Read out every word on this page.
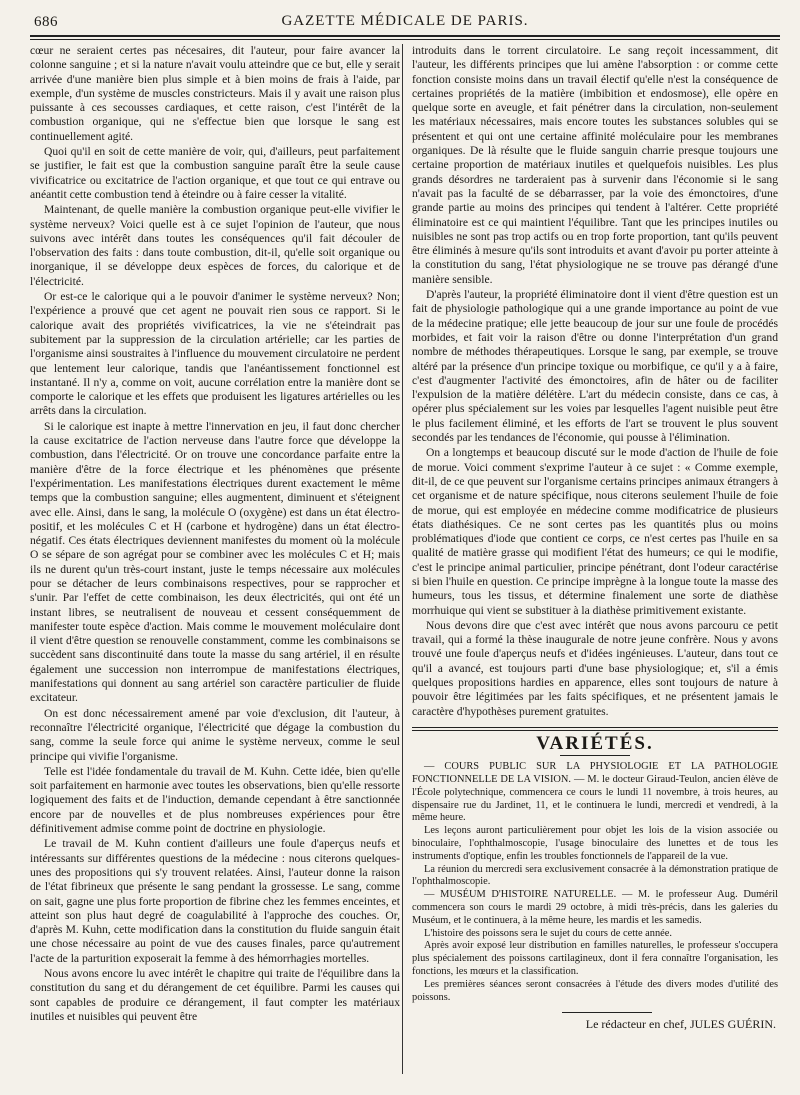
686	GAZETTE MÉDICALE DE PARIS.

cœur ne seraient certes pas nécesaires, dit l'auteur, pour faire avancer la colonne sanguine ; et si la nature n'avait voulu atteindre que ce but, elle y serait arrivée d'une manière bien plus simple et à bien moins de frais à l'aide, par exemple, d'un système de muscles constricteurs. Mais il y avait une raison plus puissante à ces secousses cardiaques, et cette raison, c'est l'intérêt de la combustion organique, qui ne s'effectue bien que lorsque le sang est continuellement agité.

Quoi qu'il en soit de cette manière de voir, qui, d'ailleurs, peut parfaitement se justifier, le fait est que la combustion sanguine paraît être la seule cause vivificatrice ou excitatrice de l'action organique, et que tout ce qui entrave ou anéantit cette combustion tend à éteindre ou à faire cesser la vitalité.

Maintenant, de quelle manière la combustion organique peut-elle vivifier le système nerveux? Voici quelle est à ce sujet l'opinion de l'auteur, que nous suivons avec intérêt dans toutes les conséquences qu'il fait découler de l'observation des faits : dans toute combustion, dit-il, qu'elle soit organique ou inorganique, il se développe deux espèces de forces, du calorique et de l'électricité.

Or est-ce le calorique qui a le pouvoir d'animer le système nerveux? Non; l'expérience a prouvé que cet agent ne pouvait rien sous ce rapport. Si le calorique avait des propriétés vivificatrices, la vie ne s'éteindrait pas subitement par la suppression de la circulation artérielle; car les parties de l'organisme ainsi soustraites à l'influence du mouvement circulatoire ne perdent que lentement leur calorique, tandis que l'anéantissement fonctionnel est instantané. Il n'y a, comme on voit, aucune corrélation entre la manière dont se comporte le calorique et les effets que produisent les ligatures artérielles ou les arrêts dans la circulation.

Si le calorique est inapte à mettre l'innervation en jeu, il faut donc chercher la cause excitatrice de l'action nerveuse dans l'autre force que développe la combustion, dans l'électricité. Or on trouve une concordance parfaite entre la manière d'être de la force électrique et les phénomènes que présente l'expérimentation. Les manifestations électriques durent exactement le même temps que la combustion sanguine; elles augmentent, diminuent et s'éteignent avec elle. Ainsi, dans le sang, la molécule O (oxygène) est dans un état électro-positif, et les molécules C et H (carbone et hydrogène) dans un état électro-négatif. Ces états électriques deviennent manifestes du moment où la molécule O se sépare de son agrégat pour se combiner avec les molécules C et H; mais ils ne durent qu'un très-court instant, juste le temps nécessaire aux molécules pour se détacher de leurs combinaisons respectives, pour se rapprocher et s'unir. Par l'effet de cette combinaison, les deux électricités, qui ont été un instant libres, se neutralisent de nouveau et cessent conséquemment de manifester toute espèce d'action. Mais comme le mouvement moléculaire dont il vient d'être question se renouvelle constamment, comme les combinaisons se succèdent sans discontinuité dans toute la masse du sang artériel, il en résulte également une succession non interrompue de manifestations électriques, manifestations qui donnent au sang artériel son caractère particulier de fluide excitateur.

On est donc nécessairement amené par voie d'exclusion, dit l'auteur, à reconnaître l'électricité organique, l'électricité que dégage la combustion du sang, comme la seule force qui anime le système nerveux, comme le seul principe qui vivifie l'organisme.

Telle est l'idée fondamentale du travail de M. Kuhn. Cette idée, bien qu'elle soit parfaitement en harmonie avec toutes les observations, bien qu'elle ressorte logiquement des faits et de l'induction, demande cependant à être sanctionnée encore par de nouvelles et de plus nombreuses expériences pour être définitivement admise comme point de doctrine en physiologie.

Le travail de M. Kuhn contient d'ailleurs une foule d'aperçus neufs et intéressants sur différentes questions de la médecine : nous citerons quelques-unes des propositions qui s'y trouvent relatées. Ainsi, l'auteur donne la raison de l'état fibrineux que présente le sang pendant la grossesse. Le sang, comme on sait, gagne une plus forte proportion de fibrine chez les femmes enceintes, et atteint son plus haut degré de coagulabilité à l'approche des couches. Or, d'après M. Kuhn, cette modification dans la constitution du fluide sanguin était une chose nécessaire au point de vue des causes finales, parce qu'autrement l'acte de la parturition exposerait la femme à des hémorrhagies mortelles.

Nous avons encore lu avec intérêt le chapitre qui traite de l'équilibre dans la constitution du sang et du dérangement de cet équilibre. Parmi les causes qui sont capables de produire ce dérangement, il faut compter les matériaux inutiles et nuisibles qui peuvent être

introduits dans le torrent circulatoire. Le sang reçoit incessamment, dit l'auteur, les différents principes que lui amène l'absorption : or comme cette fonction consiste moins dans un travail électif qu'elle n'est la conséquence de certaines propriétés de la matière (imbibition et endosmose), elle opère en quelque sorte en aveugle, et fait pénétrer dans la circulation, non-seulement les matériaux nécessaires, mais encore toutes les substances solubles qui se présentent et qui ont une certaine affinité moléculaire pour les membranes organiques. De là résulte que le fluide sanguin charrie presque toujours une certaine proportion de matériaux inutiles et quelquefois nuisibles. Les plus grands désordres ne tarderaient pas à survenir dans l'économie si le sang n'avait pas la faculté de se débarrasser, par la voie des émonctoires, d'une grande partie au moins des principes qui tendent à l'altérer. Cette propriété éliminatoire est ce qui maintient l'équilibre. Tant que les principes inutiles ou nuisibles ne sont pas trop actifs ou en trop forte proportion, tant qu'ils peuvent être éliminés à mesure qu'ils sont introduits et avant d'avoir pu porter atteinte à la constitution du sang, l'état physiologique ne se trouve pas dérangé d'une manière sensible.

D'après l'auteur, la propriété éliminatoire dont il vient d'être question est un fait de physiologie pathologique qui a une grande importance au point de vue de la médecine pratique; elle jette beaucoup de jour sur une foule de procédés morbides, et fait voir la raison d'être ou donne l'interprétation d'un grand nombre de méthodes thérapeutiques. Lorsque le sang, par exemple, se trouve altéré par la présence d'un principe toxique ou morbifique, ce qu'il y a à faire, c'est d'augmenter l'activité des émonctoires, afin de hâter ou de faciliter l'expulsion de la matière délétère. L'art du médecin consiste, dans ce cas, à opérer plus spécialement sur les voies par lesquelles l'agent nuisible peut être le plus facilement éliminé, et les efforts de l'art se trouvent le plus souvent secondés par les tendances de l'économie, qui pousse à l'élimination.

On a longtemps et beaucoup discuté sur le mode d'action de l'huile de foie de morue. Voici comment s'exprime l'auteur à ce sujet : « Comme exemple, dit-il, de ce que peuvent sur l'organisme certains principes animaux étrangers à cet organisme et de nature spécifique, nous citerons seulement l'huile de foie de morue, qui est employée en médecine comme modificatrice de plusieurs états diathésiques. Ce ne sont certes pas les quantités plus ou moins problématiques d'iode que contient ce corps, ce n'est certes pas l'huile en sa qualité de matière grasse qui modifient l'état des humeurs; ce qui le modifie, c'est le principe animal particulier, principe pénétrant, dont l'odeur caractérise si bien l'huile en question. Ce principe imprègne à la longue toute la masse des humeurs, tous les tissus, et détermine finalement une sorte de diathèse morrhuique qui vient se substituer à la diathèse primitivement existante.

Nous devons dire que c'est avec intérêt que nous avons parcouru ce petit travail, qui a formé la thèse inaugurale de notre jeune confrère. Nous y avons trouvé une foule d'aperçus neufs et d'idées ingénieuses. L'auteur, dans tout ce qu'il a avancé, est toujours parti d'une base physiologique; et, s'il a émis quelques propositions hardies en apparence, elles sont toujours de nature à pouvoir être légitimées par les faits spécifiques, et ne présentent jamais le caractère d'hypothèses purement gratuites.

VARIÉTÉS.

— COURS PUBLIC SUR LA PHYSIOLOGIE ET LA PATHOLOGIE FONCTIONNELLE DE LA VISION. — M. le docteur Giraud-Teulon, ancien élève de l'École polytechnique, commencera ce cours le lundi 11 novembre, à trois heures, au dispensaire rue du Jardinet, 11, et le continuera le lundi, mercredi et vendredi, à la même heure.

Les leçons auront particulièrement pour objet les lois de la vision associée ou binoculaire, l'ophthalmoscopie, l'usage binoculaire des lunettes et de tous les instruments d'optique, enfin les troubles fonctionnels de l'appareil de la vue.

La réunion du mercredi sera exclusivement consacrée à la démonstration pratique de l'ophthalmoscopie.

— MUSÉUM D'HISTOIRE NATURELLE. — M. le professeur Aug. Duméril commencera son cours le mardi 29 octobre, à midi très-précis, dans les galeries du Muséum, et le continuera, à la même heure, les mardis et les samedis.

L'histoire des poissons sera le sujet du cours de cette année.

Après avoir exposé leur distribution en familles naturelles, le professeur s'occupera plus spécialement des poissons cartilagineux, dont il fera connaître l'organisation, les fonctions, les mœurs et la classification.

Les premières séances seront consacrées à l'étude des divers modes d'utilité des poissons.

Le rédacteur en chef, JULES GUÉRIN.
